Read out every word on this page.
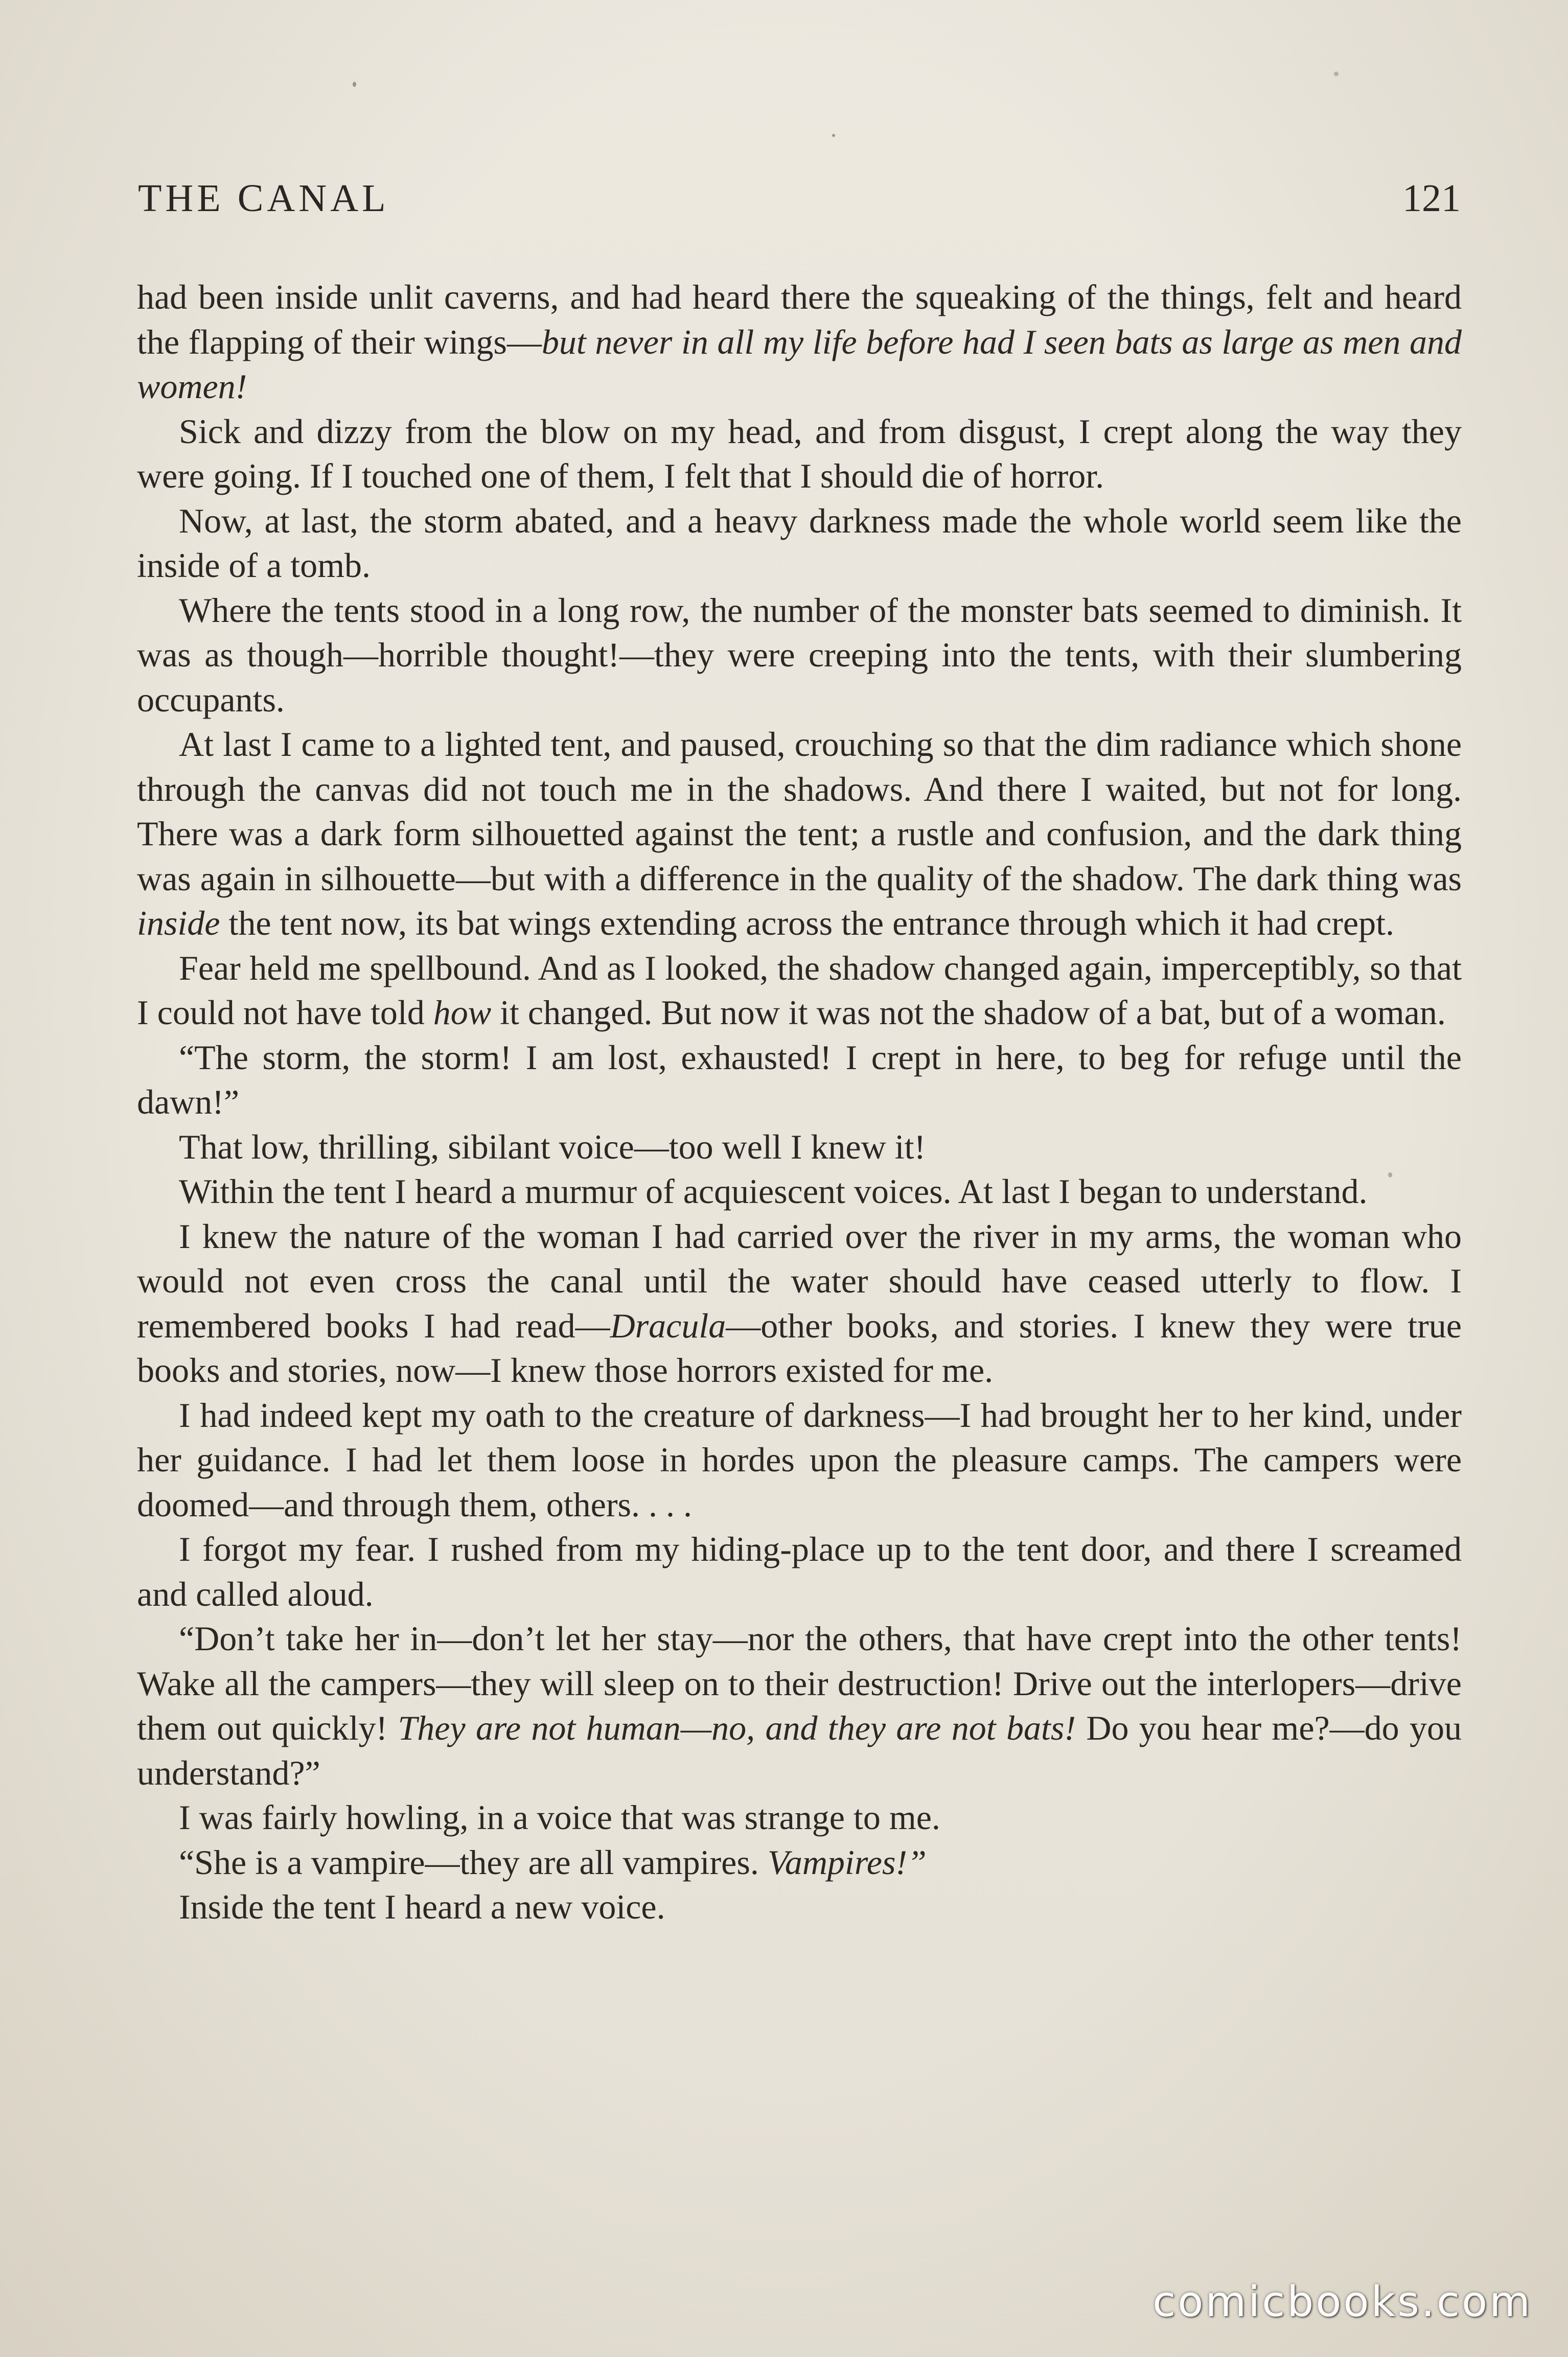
THE CANAL	121

had been inside unlit caverns, and had heard there the squeaking of the things, felt and heard the flapping of their wings—but never in all my life before had I seen bats as large as men and women!

Sick and dizzy from the blow on my head, and from disgust, I crept along the way they were going. If I touched one of them, I felt that I should die of horror.

Now, at last, the storm abated, and a heavy darkness made the whole world seem like the inside of a tomb.

Where the tents stood in a long row, the number of the monster bats seemed to diminish. It was as though—horrible thought!—they were creeping into the tents, with their slumbering occupants.

At last I came to a lighted tent, and paused, crouching so that the dim radiance which shone through the canvas did not touch me in the shadows. And there I waited, but not for long. There was a dark form silhouetted against the tent; a rustle and confusion, and the dark thing was again in silhouette—but with a difference in the quality of the shadow. The dark thing was inside the tent now, its bat wings extending across the entrance through which it had crept.

Fear held me spellbound. And as I looked, the shadow changed again, imperceptibly, so that I could not have told how it changed. But now it was not the shadow of a bat, but of a woman.

“The storm, the storm! I am lost, exhausted! I crept in here, to beg for refuge until the dawn!”

That low, thrilling, sibilant voice—too well I knew it!

Within the tent I heard a murmur of acquiescent voices. At last I began to understand.

I knew the nature of the woman I had carried over the river in my arms, the woman who would not even cross the canal until the water should have ceased utterly to flow. I remembered books I had read—Dracula—other books, and stories. I knew they were true books and stories, now—I knew those horrors existed for me.

I had indeed kept my oath to the creature of darkness—I had brought her to her kind, under her guidance. I had let them loose in hordes upon the pleasure camps. The campers were doomed—and through them, others. . . .

I forgot my fear. I rushed from my hiding-place up to the tent door, and there I screamed and called aloud.

“Don’t take her in—don’t let her stay—nor the others, that have crept into the other tents! Wake all the campers—they will sleep on to their destruction! Drive out the interlopers—drive them out quickly! They are not human—no, and they are not bats! Do you hear me?—do you understand?”

I was fairly howling, in a voice that was strange to me.

“She is a vampire—they are all vampires. Vampires!”

Inside the tent I heard a new voice.

comicbooks.com
